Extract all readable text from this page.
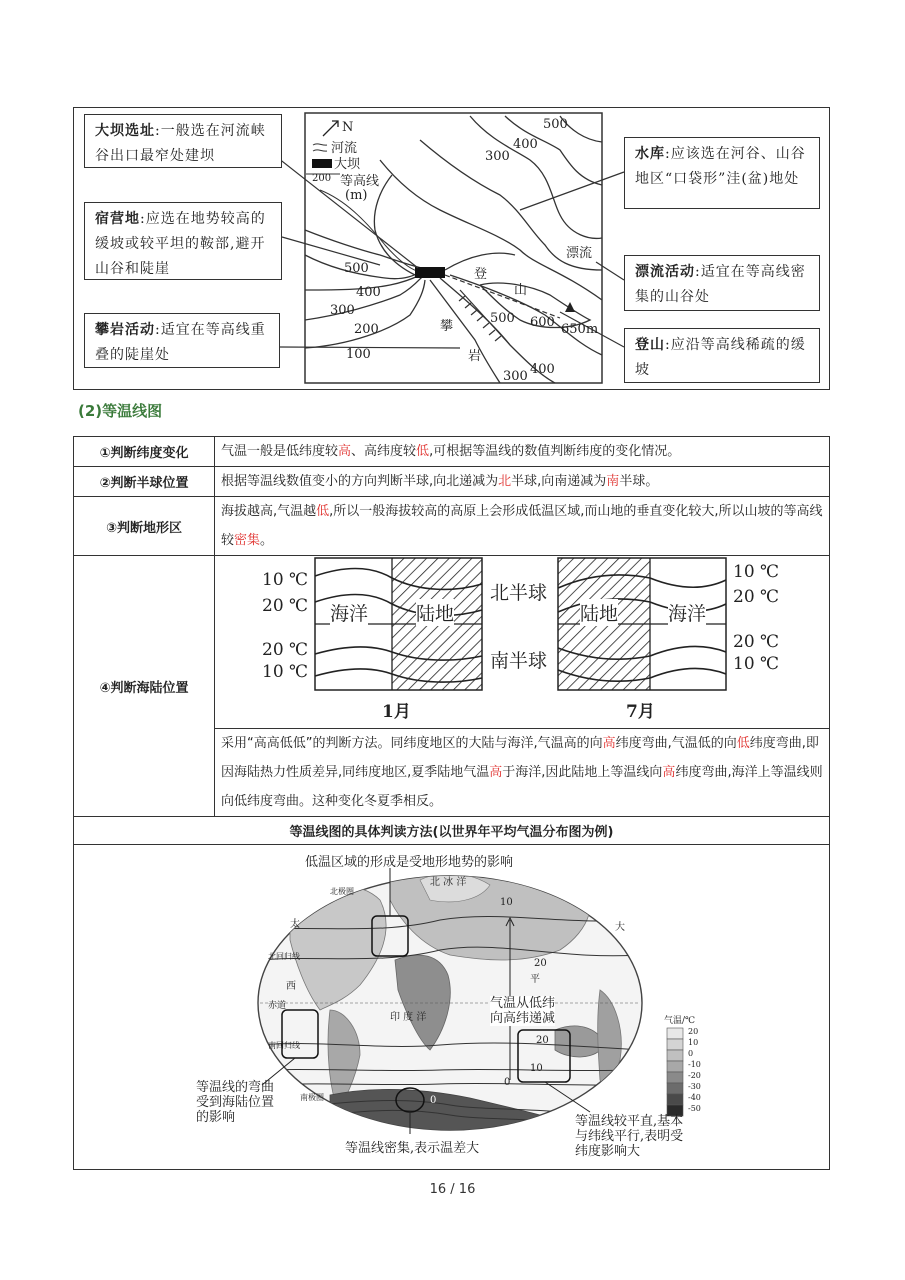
N
河流
大坝
200 等高线
(m)
500
400
300
500
400
300
200
100
500 600
400
300
650m
漂流
登
山
攀
岩
大坝选址:一般选在河流峡谷出口最窄处建坝
宿营地:应选在地势较高的缓坡或较平坦的鞍部,避开山谷和陡崖
攀岩活动:适宜在等高线重叠的陡崖处
水库:应该选在河谷、山谷地区“口袋形”洼(盆)地处
漂流活动:适宜在等高线密集的山谷处
登山:应沿等高线稀疏的缓坡
(2)等温线图
①判断纬度变化	气温一般是低纬度较高、高纬度较低,可根据等温线的数值判断纬度的变化情况。
②判断半球位置	根据等温线数值变小的方向判断半球,向北递减为北半球,向南递减为南半球。
③判断地形区	海拔越高,气温越低,所以一般海拔较高的高原上会形成低温区域,而山地的垂直变化较大,所以山坡的等高线较密集。
④判断海陆位置	
	采用“高高低低”的判断方法。同纬度地区的大陆与海洋,气温高的向高纬度弯曲,气温低的向低纬度弯曲,即因海陆热力性质差异,同纬度地区,夏季陆地气温高于海洋,因此陆地上等温线向高纬度弯曲,海洋上等温线则向低纬度弯曲。这种变化冬夏季相反。
等温线图的具体判读方法(以世界年平均气温分布图为例)	

10 ℃
20 ℃
20 ℃
10 ℃
海洋	陆地
1月
北半球
南半球
陆地	海洋
10 ℃
20 ℃
20 ℃
10 ℃
7月
低温区域的形成是受地形地势的影响
气温从低纬
向高纬递减
等温线的弯曲
受到海陆位置
的影响
等温线密集,表示温差大
等温线较平直,基本
与纬线平行,表明受
纬度影响大
北 冰 洋
印 度 洋
太	大
平
西
赤道
南回归线
北回归线
南极圈
北极圈
10
20
20
10
0
0
气温/℃
20
10
0
-10
-20
-30
-40
-50
16 / 16
